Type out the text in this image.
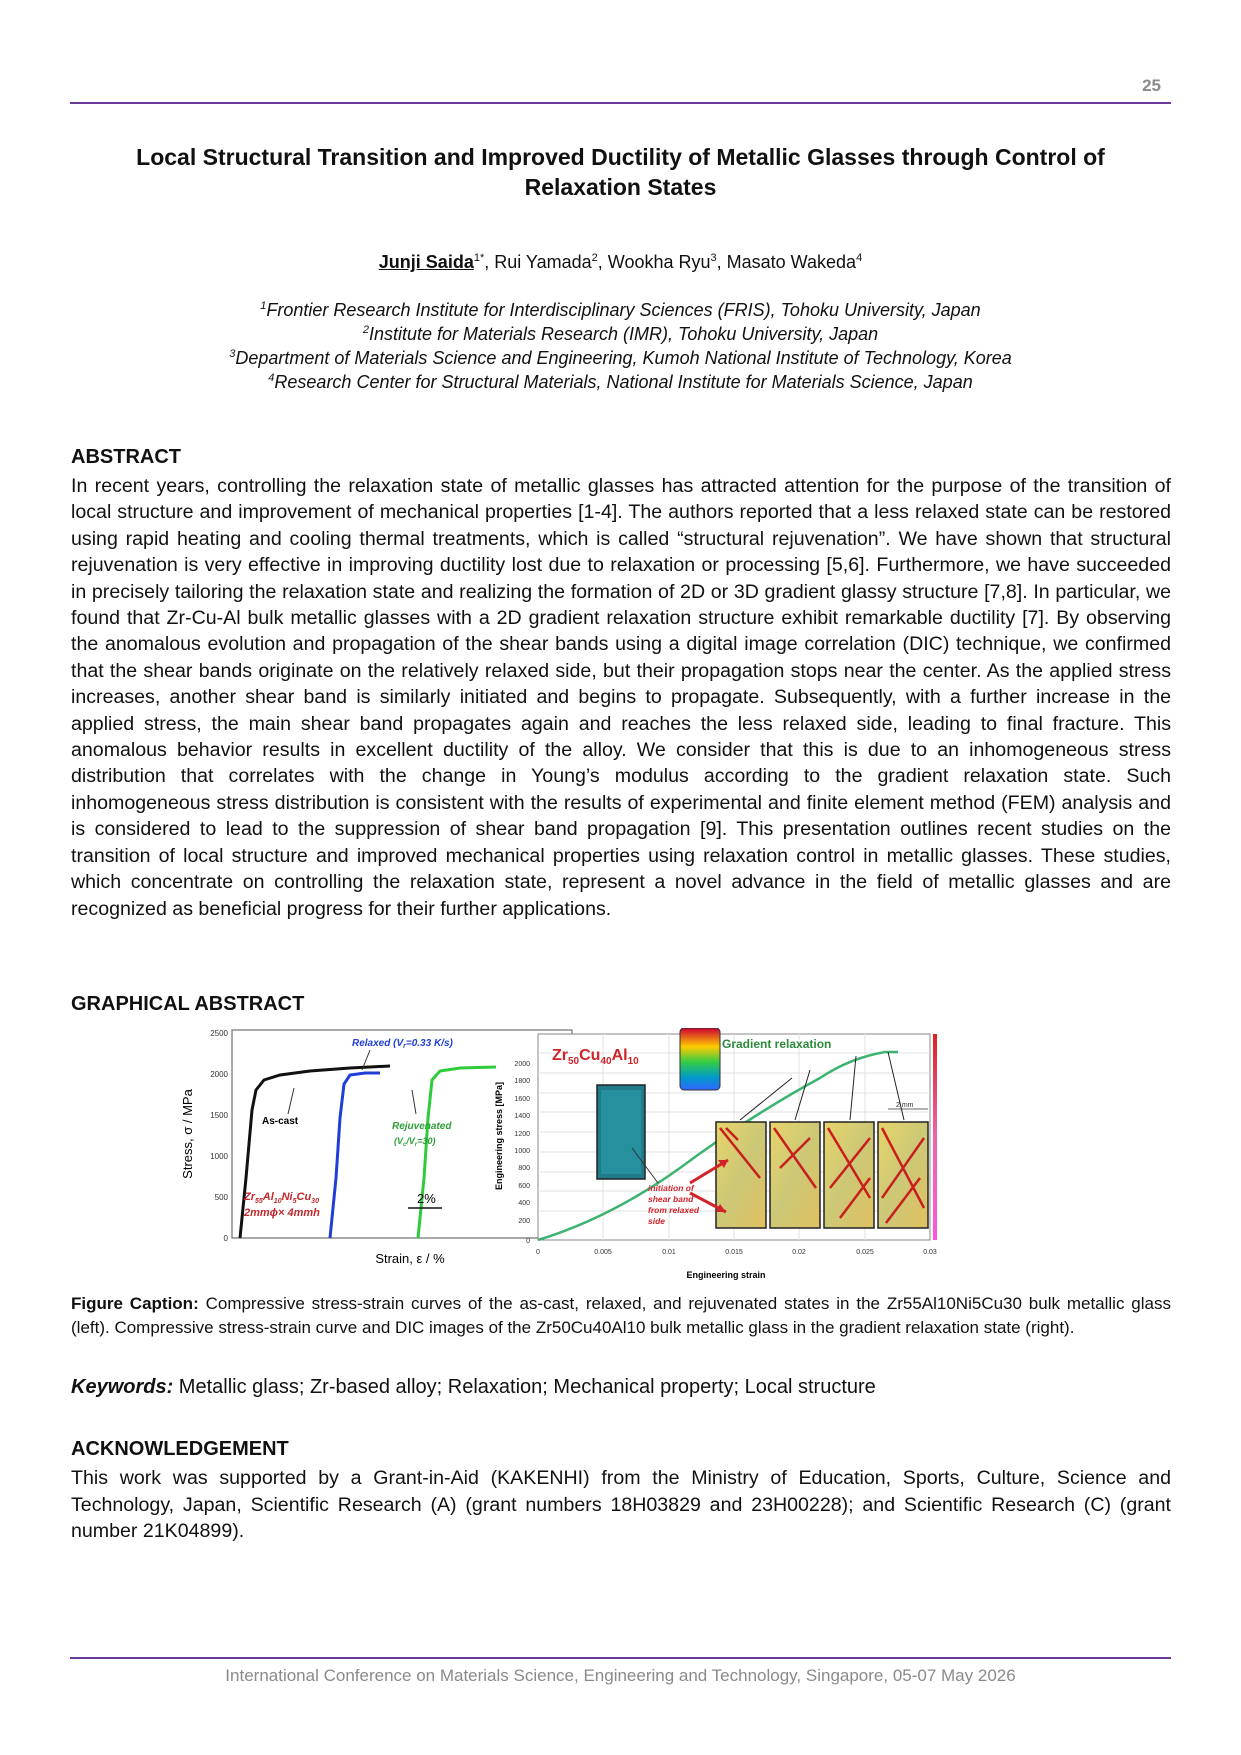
25
Local Structural Transition and Improved Ductility of Metallic Glasses through Control of Relaxation States
Junji Saida$^{1*}$, Rui Yamada$^2$, Wookha Ryu$^3$, Masato Wakeda$^4$
$^1$Frontier Research Institute for Interdisciplinary Sciences (FRIS), Tohoku University, Japan
$^2$Institute for Materials Research (IMR), Tohoku University, Japan
$^3$Department of Materials Science and Engineering, Kumoh National Institute of Technology, Korea
$^4$Research Center for Structural Materials, National Institute for Materials Science, Japan
ABSTRACT
In recent years, controlling the relaxation state of metallic glasses has attracted attention for the purpose of the transition of local structure and improvement of mechanical properties [1-4]. The authors reported that a less relaxed state can be restored using rapid heating and cooling thermal treatments, which is called “structural rejuvenation”. We have shown that structural rejuvenation is very effective in improving ductility lost due to relaxation or processing [5,6]. Furthermore, we have succeeded in precisely tailoring the relaxation state and realizing the formation of 2D or 3D gradient glassy structure [7,8]. In particular, we found that Zr-Cu-Al bulk metallic glasses with a 2D gradient relaxation structure exhibit remarkable ductility [7]. By observing the anomalous evolution and propagation of the shear bands using a digital image correlation (DIC) technique, we confirmed that the shear bands originate on the relatively relaxed side, but their propagation stops near the center. As the applied stress increases, another shear band is similarly initiated and begins to propagate. Subsequently, with a further increase in the applied stress, the main shear band propagates again and reaches the less relaxed side, leading to final fracture. This anomalous behavior results in excellent ductility of the alloy. We consider that this is due to an inhomogeneous stress distribution that correlates with the change in Young’s modulus according to the gradient relaxation state. Such inhomogeneous stress distribution is consistent with the results of experimental and finite element method (FEM) analysis and is considered to lead to the suppression of shear band propagation [9]. This presentation outlines recent studies on the transition of local structure and improved mechanical properties using relaxation control in metallic glasses. These studies, which concentrate on controlling the relaxation state, represent a novel advance in the field of metallic glasses and are recognized as beneficial progress for their further applications.
GRAPHICAL ABSTRACT
Stress, σ / MPa
Strain, ε / %
0
500
1000
1500
2000
2500
Relaxed ($V_r=0.33$ K/s)
As-cast	Rejuvenated
$(V_c/V_r=30)$
$Zr_{55}Al_{10}Ni_5Cu_{30}$
2mmϕ× 4mmh
2%
Engineering stress [MPa]
Engineering strain
0
200
400
600
800
1000
1200
1400
1600
1800
2000
0	0.005	0.01	0.015	0.02	0.025	0.03
$Zr_{50}Cu_{40}Al_{10}$
Gradient relaxation
2 mm
initiation of
shear band
from relaxed
side
Figure Caption: Compressive stress-strain curves of the as-cast, relaxed, and rejuvenated states in the Zr55Al10Ni5Cu30 bulk metallic glass (left). Compressive stress-strain curve and DIC images of the Zr50Cu40Al10 bulk metallic glass in the gradient relaxation state (right).
Keywords: Metallic glass; Zr-based alloy; Relaxation; Mechanical property; Local structure
ACKNOWLEDGEMENT
This work was supported by a Grant-in-Aid (KAKENHI) from the Ministry of Education, Sports, Culture, Science and Technology, Japan, Scientific Research (A) (grant numbers 18H03829 and 23H00228); and Scientific Research (C) (grant number 21K04899).
International Conference on Materials Science, Engineering and Technology, Singapore, 05-07 May 2026
